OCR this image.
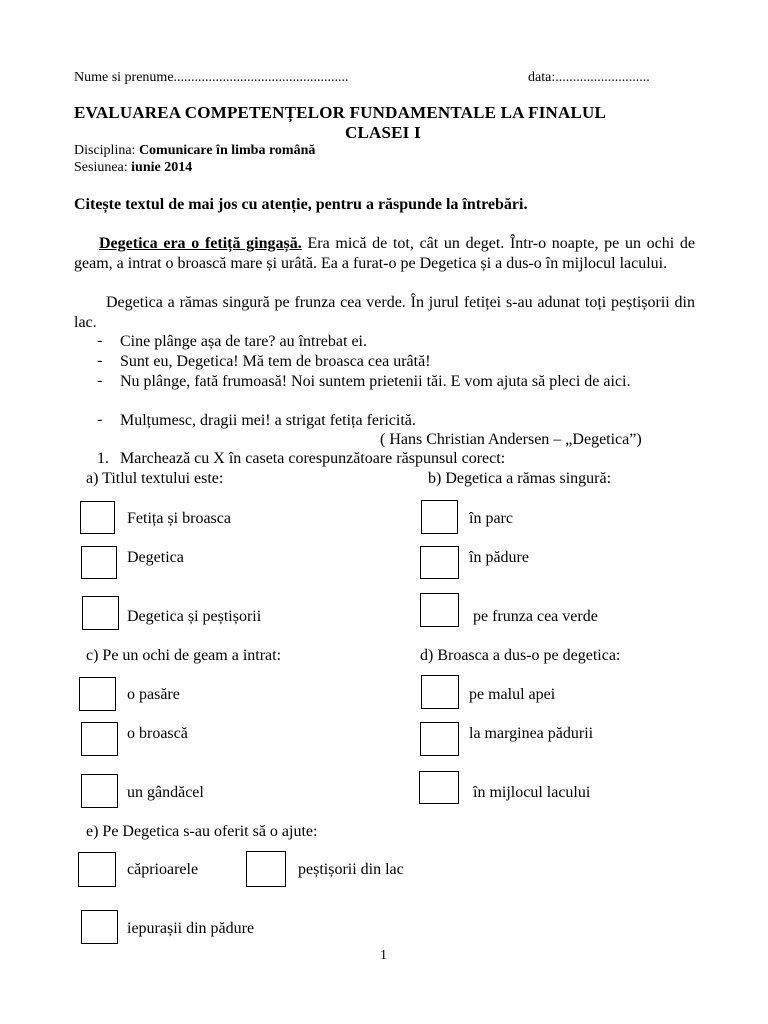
Nume si prenume..................................................	data:...........................
EVALUAREA COMPETENȚELOR FUNDAMENTALE LA FINALUL
CLASEI I
Disciplina: Comunicare în limba română
Sesiunea: iunie 2014
Citește textul de mai jos cu atenție, pentru a răspunde la întrebări.
Degetica era o fetiță gingașă. Era mică de tot, cât un deget. Într-o noapte, pe un ochi de geam, a intrat o broască mare și urâtă. Ea a furat-o pe Degetica și a dus-o în mijlocul lacului.
Degetica a rămas singură pe frunza cea verde. În jurul fetiței s-au adunat toți peștișorii din lac.
- Cine plânge așa de tare? au întrebat ei.
- Sunt eu, Degetica! Mă tem de broasca cea urâtă!
- Nu plânge, fată frumoasă! Noi suntem prietenii tăi. E vom ajuta să pleci de aici.
- Mulțumesc, dragii mei! a strigat fetița fericită.
( Hans Christian Andersen – „Degetica”)
1. Marchează cu X în caseta corespunzătoare răspunsul corect:
a) Titlul textului este:	b) Degetica a rămas singură:
Fetița și broasca
Degetica
Degetica și peștișorii
în parc
în pădure
pe frunza cea verde
c) Pe un ochi de geam a intrat:	d) Broasca a dus-o pe degetica:
o pasăre
o broască
un gândăcel
pe malul apei
la marginea pădurii
în mijlocul lacului
e) Pe Degetica s-au oferit să o ajute:
căprioarele	peștișorii din lac
iepurașii din pădure
1
